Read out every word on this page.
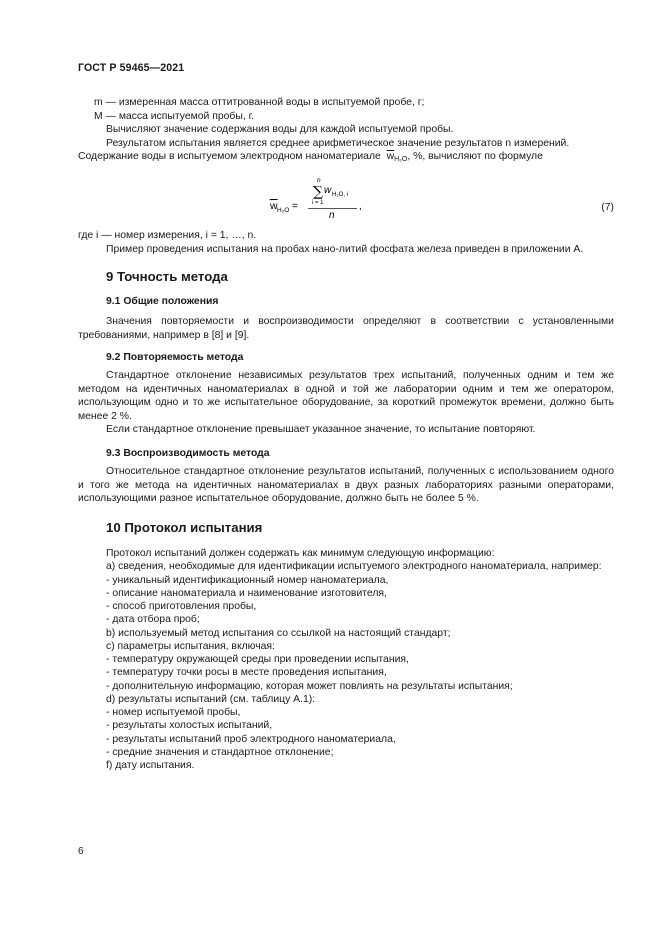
ГОСТ Р 59465—2021

m — измеренная масса оттитрованной воды в испытуемой пробе, г;

М — масса испытуемой пробы, г.

Вычисляют значение содержания воды для каждой испытуемой пробы.

Результатом испытания является среднее арифметическое значение результатов n измерений.

Содержание воды в испытуемом электродном наноматериале $\overline{w}_{H_2O}$, %, вычисляют по формуле

w H₂O =
n
∑
i = 1
w H₂O, i
n
,	(7)

где i — номер измерения, i = 1, …, n.

Пример проведения испытания на пробах нано-литий фосфата железа приведен в приложении А.

9 Точность метода
9.1 Общие положения

Значения повторяемости и воспроизводимости определяют в соответствии с установленными требованиями, например в [8] и [9].

9.2 Повторяемость метода

Стандартное отклонение независимых результатов трех испытаний, полученных одним и тем же методом на идентичных наноматериалах в одной и той же лаборатории одним и тем же оператором, использующим одно и то же испытательное оборудование, за короткий промежуток времени, должно быть менее 2 %.

Если стандартное отклонение превышает указанное значение, то испытание повторяют.

9.3 Воспроизводимость метода

Относительное стандартное отклонение результатов испытаний, полученных с использованием одного и того же метода на идентичных наноматериалах в двух разных лабораториях разными операторами, использующими разное испытательное оборудование, должно быть не более 5 %.

10 Протокол испытания
Протокол испытаний должен содержать как минимум следующую информацию:
a) сведения, необходимые для идентификации испытуемого электродного наноматериала, например:
- уникальный идентификационный номер наноматериала,
- описание наноматериала и наименование изготовителя,
- способ приготовления пробы,
- дата отбора проб;
b) используемый метод испытания со ссылкой на настоящий стандарт;
c) параметры испытания, включая:
- температуру окружающей среды при проведении испытания,
- температуру точки росы в месте проведения испытания,
- дополнительную информацию, которая может повлиять на результаты испытания;
d) результаты испытаний (см. таблицу А.1):
- номер испытуемой пробы,
- результаты холостых испытаний,
- результаты испытаний проб электродного наноматериала,
- средние значения и стандартное отклонение;
f) дату испытания.
6
